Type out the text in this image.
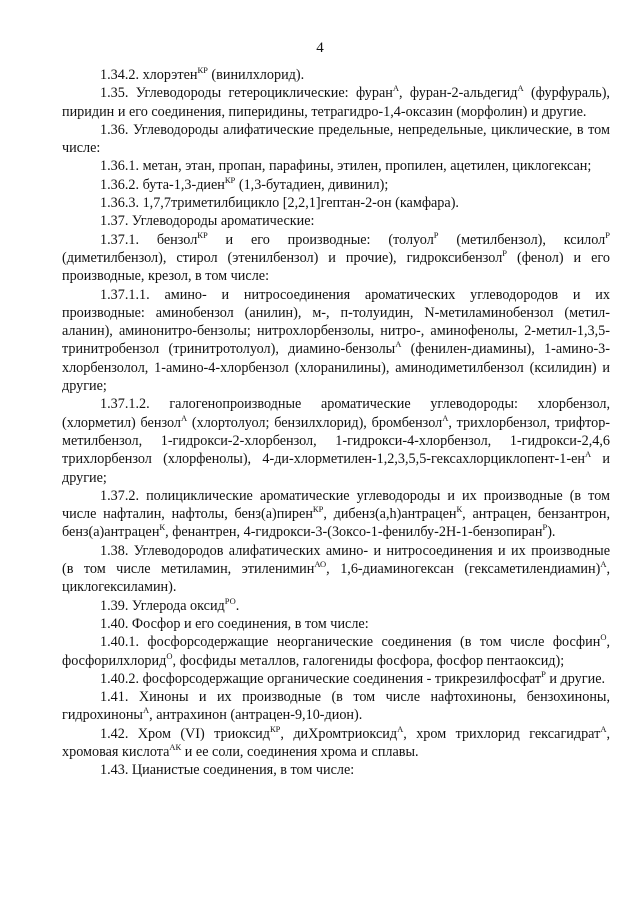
4

1.34.2. хлорэтен$^{КР}$ (винилхлорид).

1.35. Углеводороды гетероциклические: фуран$^А$, фуран-2-альдегид$^А$ (фурфураль), пиридин и его соединения, пиперидины, тетрагидро-1,4-оксазин (морфолин) и другие.

1.36. Углеводороды алифатические предельные, непредельные, циклические, в том числе:

1.36.1. метан, этан, пропан, парафины, этилен, пропилен, ацетилен, циклогексан;

1.36.2. бута-1,3-диен$^{КР}$ (1,3-бутадиен, дивинил);

1.36.3. 1,7,7триметилбицикло [2,2,1]гептан-2-он (камфара).

1.37. Углеводороды ароматические:

1.37.1. бензол$^{КР}$ и его производные: (толуол$^Р$ (метилбензол), ксилол$^Р$ (диметилбензол), стирол (этенилбензол) и прочие), гидроксибензол$^Р$ (фенол) и его производные, крезол, в том числе:

1.37.1.1. амино- и нитросоединения ароматических углеводородов и их производные: аминобензол (анилин), м-, п-толуидин, N-метиламинобензол (метил-аланин), аминонитро-бензолы; нитрохлорбензолы, нитро-, аминофенолы, 2-метил-1,3,5-тринитробензол (тринитротолуол), диамино-бензолы$^А$ (фенилен-диамины), 1-амино-3-хлорбензолол, 1-амино-4-хлорбензол (хлоранилины), аминодиметилбензол (ксилидин) и другие;

1.37.1.2. галогенопроизводные ароматические углеводороды: хлорбензол, (хлорметил) бензол$^А$ (хлортолуол; бензилхлорид), бромбензол$^А$, трихлорбензол, трифтор-метилбензол, 1-гидрокси-2-хлорбензол, 1-гидрокси-4-хлорбензол, 1-гидрокси-2,4,6 трихлорбензол (хлорфенолы), $4-ди-хлорметилен-1,2,3,5,5-гексахлорциклопент-1-ен^А$ и другие;

1.37.2. полициклические ароматические углеводороды и их производные (в том числе нафталин, нафтолы, бенз(а)пирен$^{КР}$, дибенз(a,h)антрацен$^К$, антрацен, бензантрон, бенз(а)антрацен$^К$, фенантрен, 4-гидрокси-3-(3оксо-1-фенилбу-2Н-1-бензопиран$^Р$).

1.38. Углеводородов алифатических амино- и нитросоединения и их производные (в том числе метиламин, этиленимин$^{АО}$, 1,6-диаминогексан (гексаметилендиамин)$^А$, циклогексиламин).

1.39. Углерода оксид$^{РО}$.

1.40. Фосфор и его соединения, в том числе:

1.40.1. фосфорсодержащие неорганические соединения (в том числе фосфин$^О$, фосфорилхлорид$^О$, фосфиды металлов, галогениды фосфора, фосфор пентаоксид);

1.40.2. фосфорсодержащие органические соединения - трикрезилфосфат$^Р$ и другие.

1.41. Хиноны и их производные (в том числе нафтохиноны, бензохиноны, гидрохиноны$^А$, антрахинон (антрацен-9,10-дион).

1.42. Хром (VI) триоксид$^{КР}$, диХромтриоксид$^А$, хром трихлорид гексагидрат$^А$, хромовая кислота$^{АК}$ и ее соли, соединения хрома и сплавы.

1.43. Цианистые соединения, в том числе:
